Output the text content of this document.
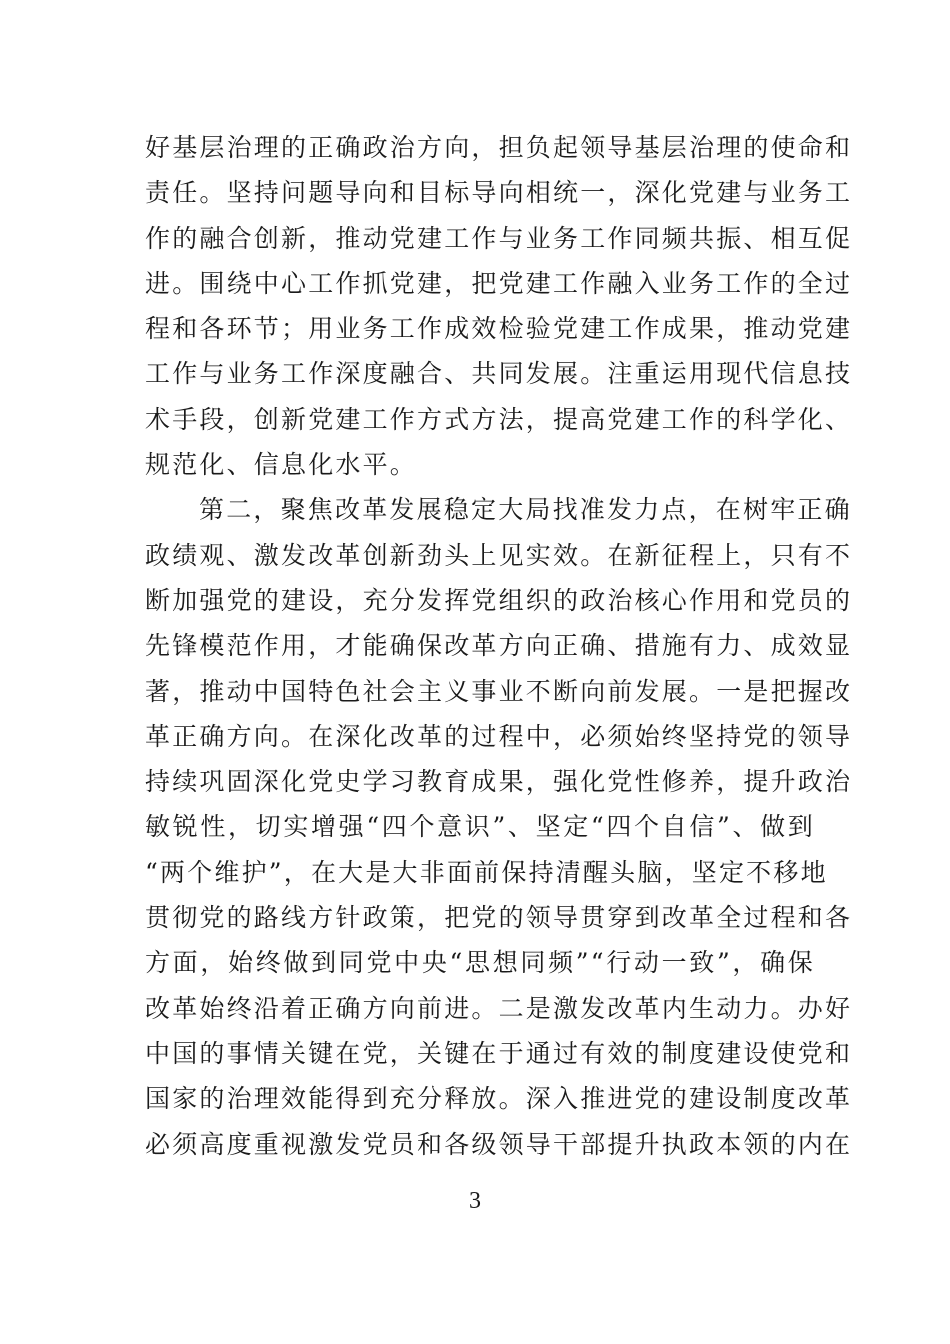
好基层治理的正确政治方向，担负起领导基层治理的使命和
责任。坚持问题导向和目标导向相统一，深化党建与业务工
作的融合创新，推动党建工作与业务工作同频共振、相互促
进。围绕中心工作抓党建，把党建工作融入业务工作的全过
程和各环节；用业务工作成效检验党建工作成果，推动党建
工作与业务工作深度融合、共同发展。注重运用现代信息技
术手段，创新党建工作方式方法，提高党建工作的科学化、
规范化、信息化水平。
第二，聚焦改革发展稳定大局找准发力点，在树牢正确
政绩观、激发改革创新劲头上见实效。在新征程上，只有不
断加强党的建设，充分发挥党组织的政治核心作用和党员的
先锋模范作用，才能确保改革方向正确、措施有力、成效显
著，推动中国特色社会主义事业不断向前发展。一是把握改
革正确方向。在深化改革的过程中，必须始终坚持党的领导
持续巩固深化党史学习教育成果，强化党性修养，提升政治
敏锐性，切实增强“四个意识”、坚定“四个自信”、做到
“两个维护”，在大是大非面前保持清醒头脑，坚定不移地
贯彻党的路线方针政策，把党的领导贯穿到改革全过程和各
方面，始终做到同党中央“思想同频”“行动一致”，确保
改革始终沿着正确方向前进。二是激发改革内生动力。办好
中国的事情关键在党，关键在于通过有效的制度建设使党和
国家的治理效能得到充分释放。深入推进党的建设制度改革
必须高度重视激发党员和各级领导干部提升执政本领的内在
3
